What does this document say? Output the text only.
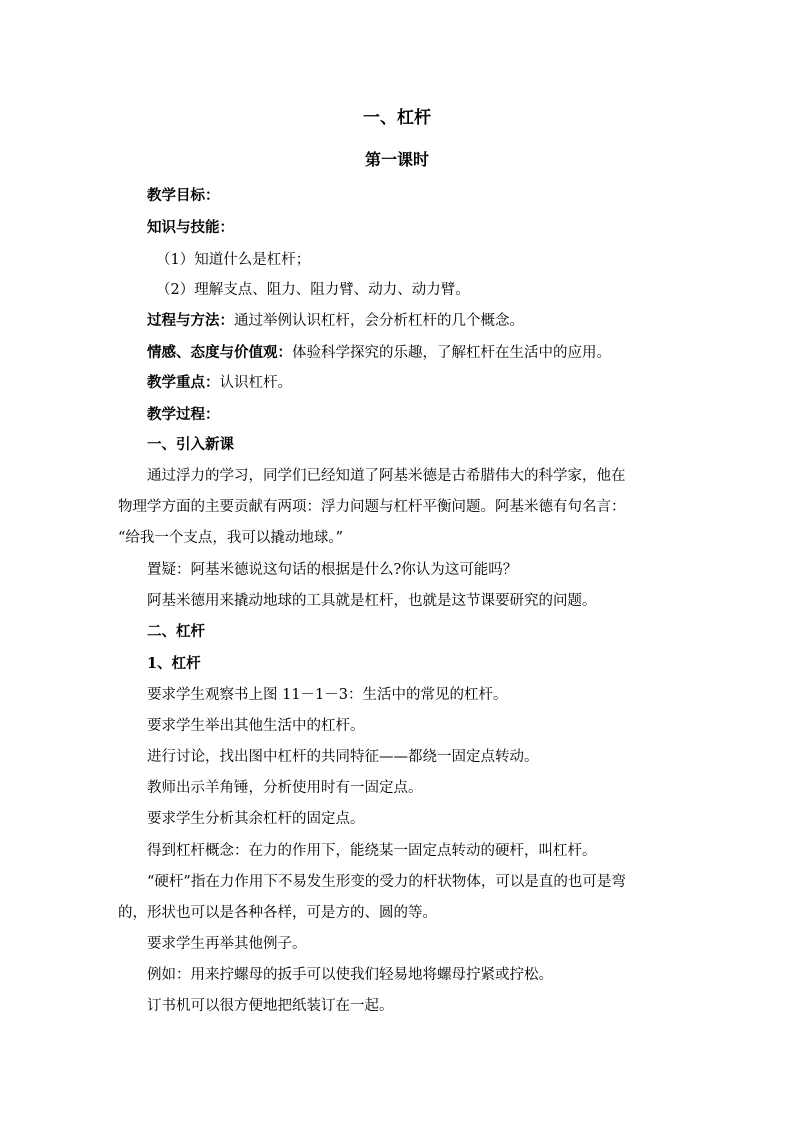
一、杠杆
第一课时
教学目标：
知识与技能：
（1）知道什么是杠杆；
（2）理解支点、阻力、阻力臂、动力、动力臂。
过程与方法：通过举例认识杠杆，会分析杠杆的几个概念。
情感、态度与价值观：体验科学探究的乐趣，了解杠杆在生活中的应用。
教学重点：认识杠杆。
教学过程：
一、引入新课
通过浮力的学习，同学们已经知道了阿基米德是古希腊伟大的科学家，他在
物理学方面的主要贡献有两项：浮力问题与杠杆平衡问题。阿基米德有句名言：
“给我一个支点，我可以撬动地球。”
置疑：阿基米德说这句话的根据是什么?你认为这可能吗？
阿基米德用来撬动地球的工具就是杠杆，也就是这节课要研究的问题。
二、杠杆
1、杠杆
要求学生观察书上图 11－1－3：生活中的常见的杠杆。
要求学生举出其他生活中的杠杆。
进行讨论，找出图中杠杆的共同特征——都绕一固定点转动。
教师出示羊角锤，分析使用时有一固定点。
要求学生分析其余杠杆的固定点。
得到杠杆概念：在力的作用下，能绕某一固定点转动的硬杆，叫杠杆。
“硬杆”指在力作用下不易发生形变的受力的杆状物体，可以是直的也可是弯
的，形状也可以是各种各样，可是方的、圆的等。
要求学生再举其他例子。
例如：用来拧螺母的扳手可以使我们轻易地将螺母拧紧或拧松。
订书机可以很方便地把纸装订在一起。
